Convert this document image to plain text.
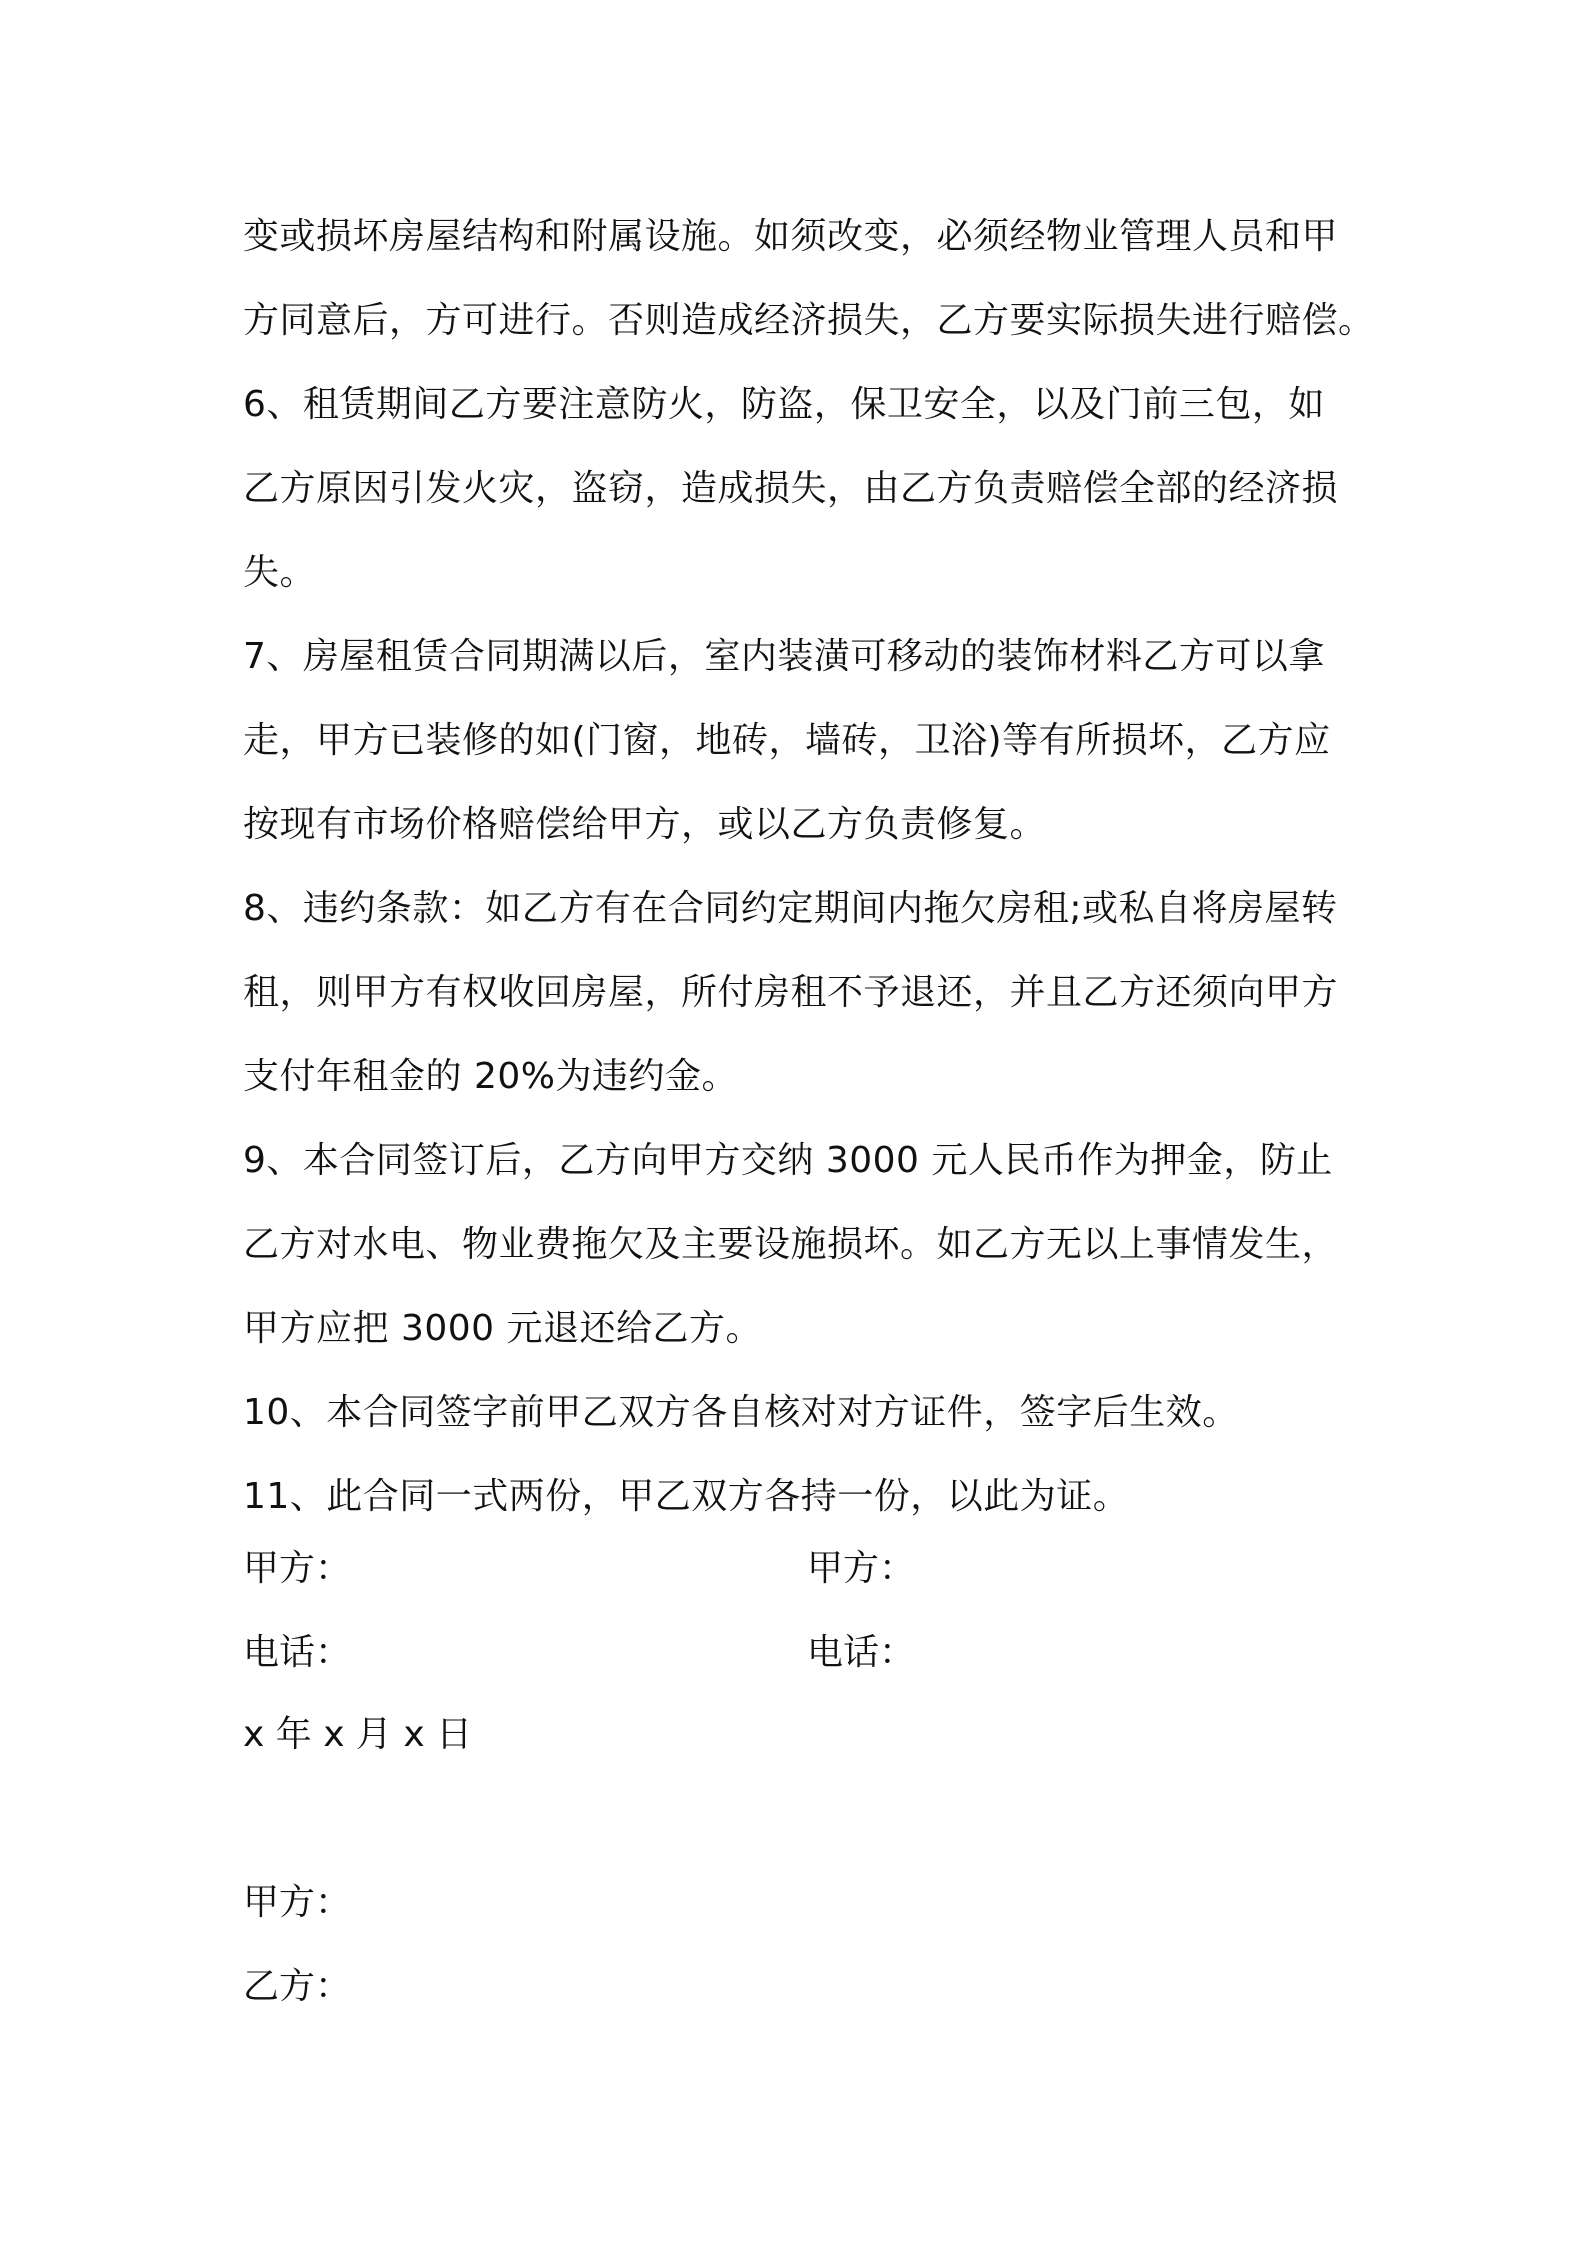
变或损坏房屋结构和附属设施。如须改变，必须经物业管理人员和甲
方同意后，方可进行。否则造成经济损失，乙方要实际损失进行赔偿。
6、租赁期间乙方要注意防火，防盗，保卫安全，以及门前三包，如
乙方原因引发火灾，盗窃，造成损失，由乙方负责赔偿全部的经济损
失。
7、房屋租赁合同期满以后，室内装潢可移动的装饰材料乙方可以拿
走，甲方已装修的如(门窗，地砖，墙砖，卫浴)等有所损坏，乙方应
按现有市场价格赔偿给甲方，或以乙方负责修复。
8、违约条款：如乙方有在合同约定期间内拖欠房租;或私自将房屋转
租，则甲方有权收回房屋，所付房租不予退还，并且乙方还须向甲方
支付年租金的 20%为违约金。
9、本合同签订后，乙方向甲方交纳 3000 元人民币作为押金，防止
乙方对水电、物业费拖欠及主要设施损坏。如乙方无以上事情发生，
甲方应把 3000 元退还给乙方。
10、本合同签字前甲乙双方各自核对对方证件，签字后生效。
11、此合同一式两份，甲乙双方各持一份，以此为证。
甲方：	甲方：
电话：	电话：
x 年 x 月 x 日
甲方：
乙方：
